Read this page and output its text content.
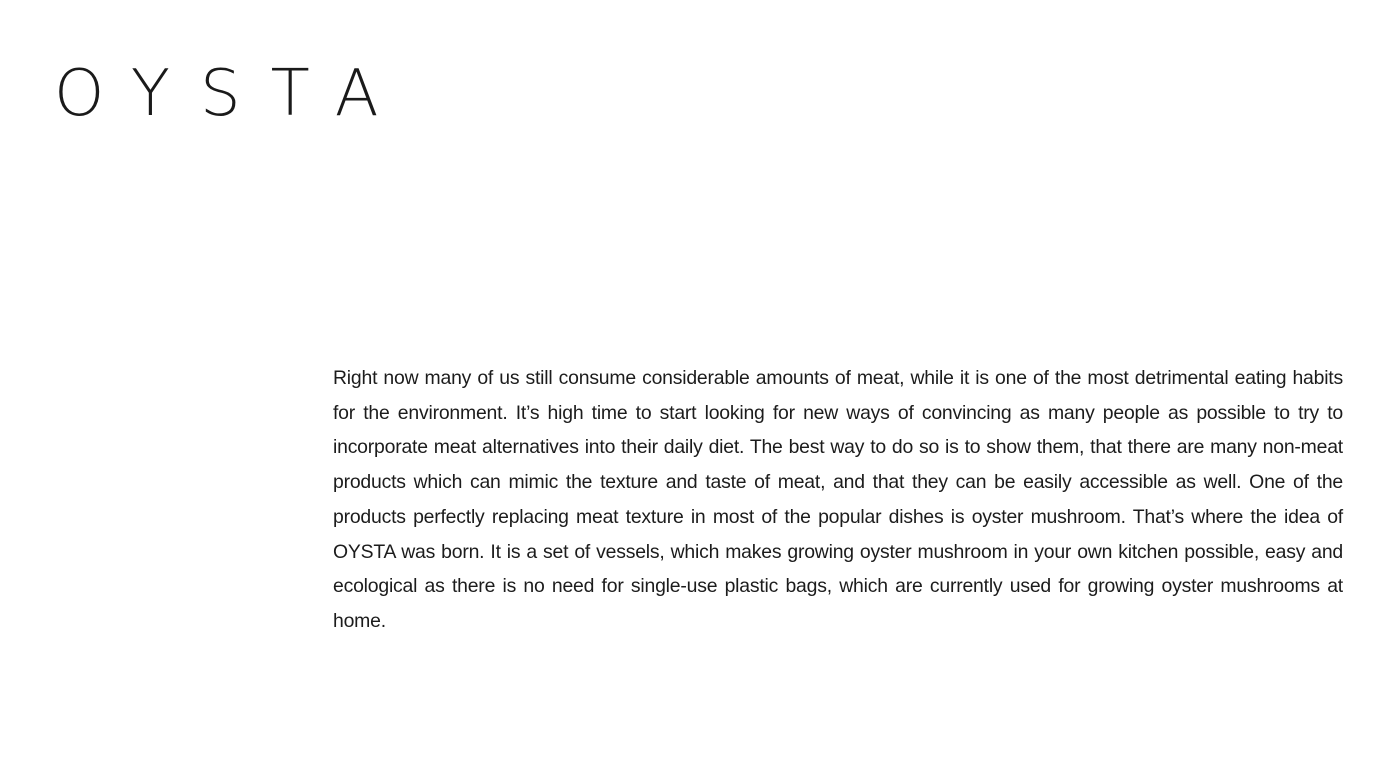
OYSTA

Right now many of us still consume considerable amounts of meat, while it is one of the most detrimental eating habits for the environment. It’s high time to start looking for new ways of convincing as many people as possible to try to incorporate meat alternatives into their daily diet. The best way to do so is to show them, that there are many non-meat products which can mimic the texture and taste of meat, and that they can be easily accessible as well. One of the products perfectly replacing meat texture in most of the popular dishes is oyster mushroom. That’s where the idea of OYSTA was born. It is a set of vessels, which makes growing oyster mushroom in your own kitchen possible, easy and ecological as there is no need for single-use plastic bags, which are currently used for growing oyster mushrooms at home.
